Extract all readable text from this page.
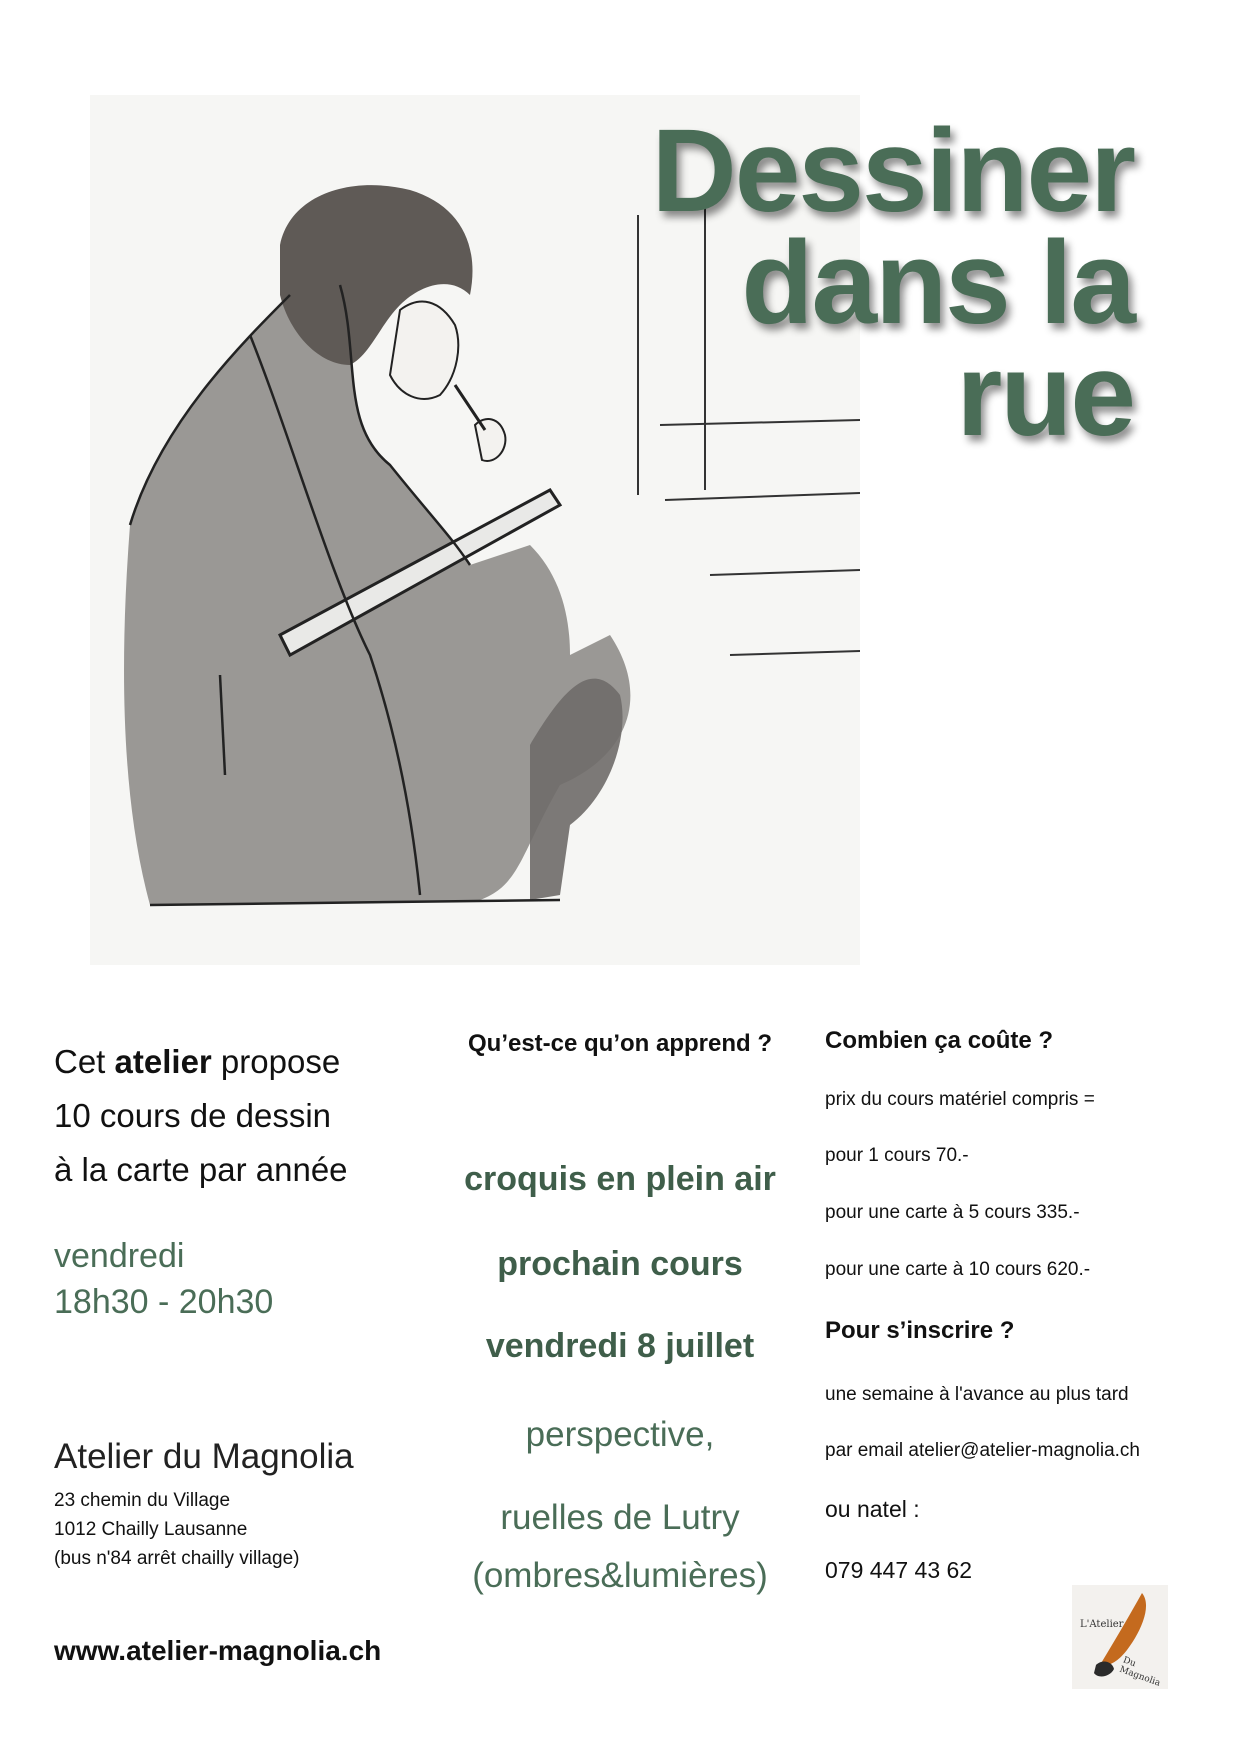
Dessiner
dans la
rue
Cet atelier propose
10 cours de dessin
à la carte par année
vendredi
18h30 - 20h30
Atelier du Magnolia
23 chemin du Village
1012 Chailly Lausanne
(bus n'84 arrêt chailly village)
www.atelier-magnolia.ch
Qu’est-ce qu’on apprend ?
croquis en plein air
prochain cours
vendredi 8 juillet
perspective,
ruelles de Lutry
(ombres&lumières)
Combien ça coûte ?
prix du cours matériel compris =
pour 1 cours 70.-
pour une carte à 5 cours 335.-
pour une carte à 10 cours 620.-
Pour s’inscrire ?
une semaine à l'avance au plus tard
par email atelier@atelier-magnolia.ch
ou natel :
079 447 43 62
L'Atelier
Du Magnolia
